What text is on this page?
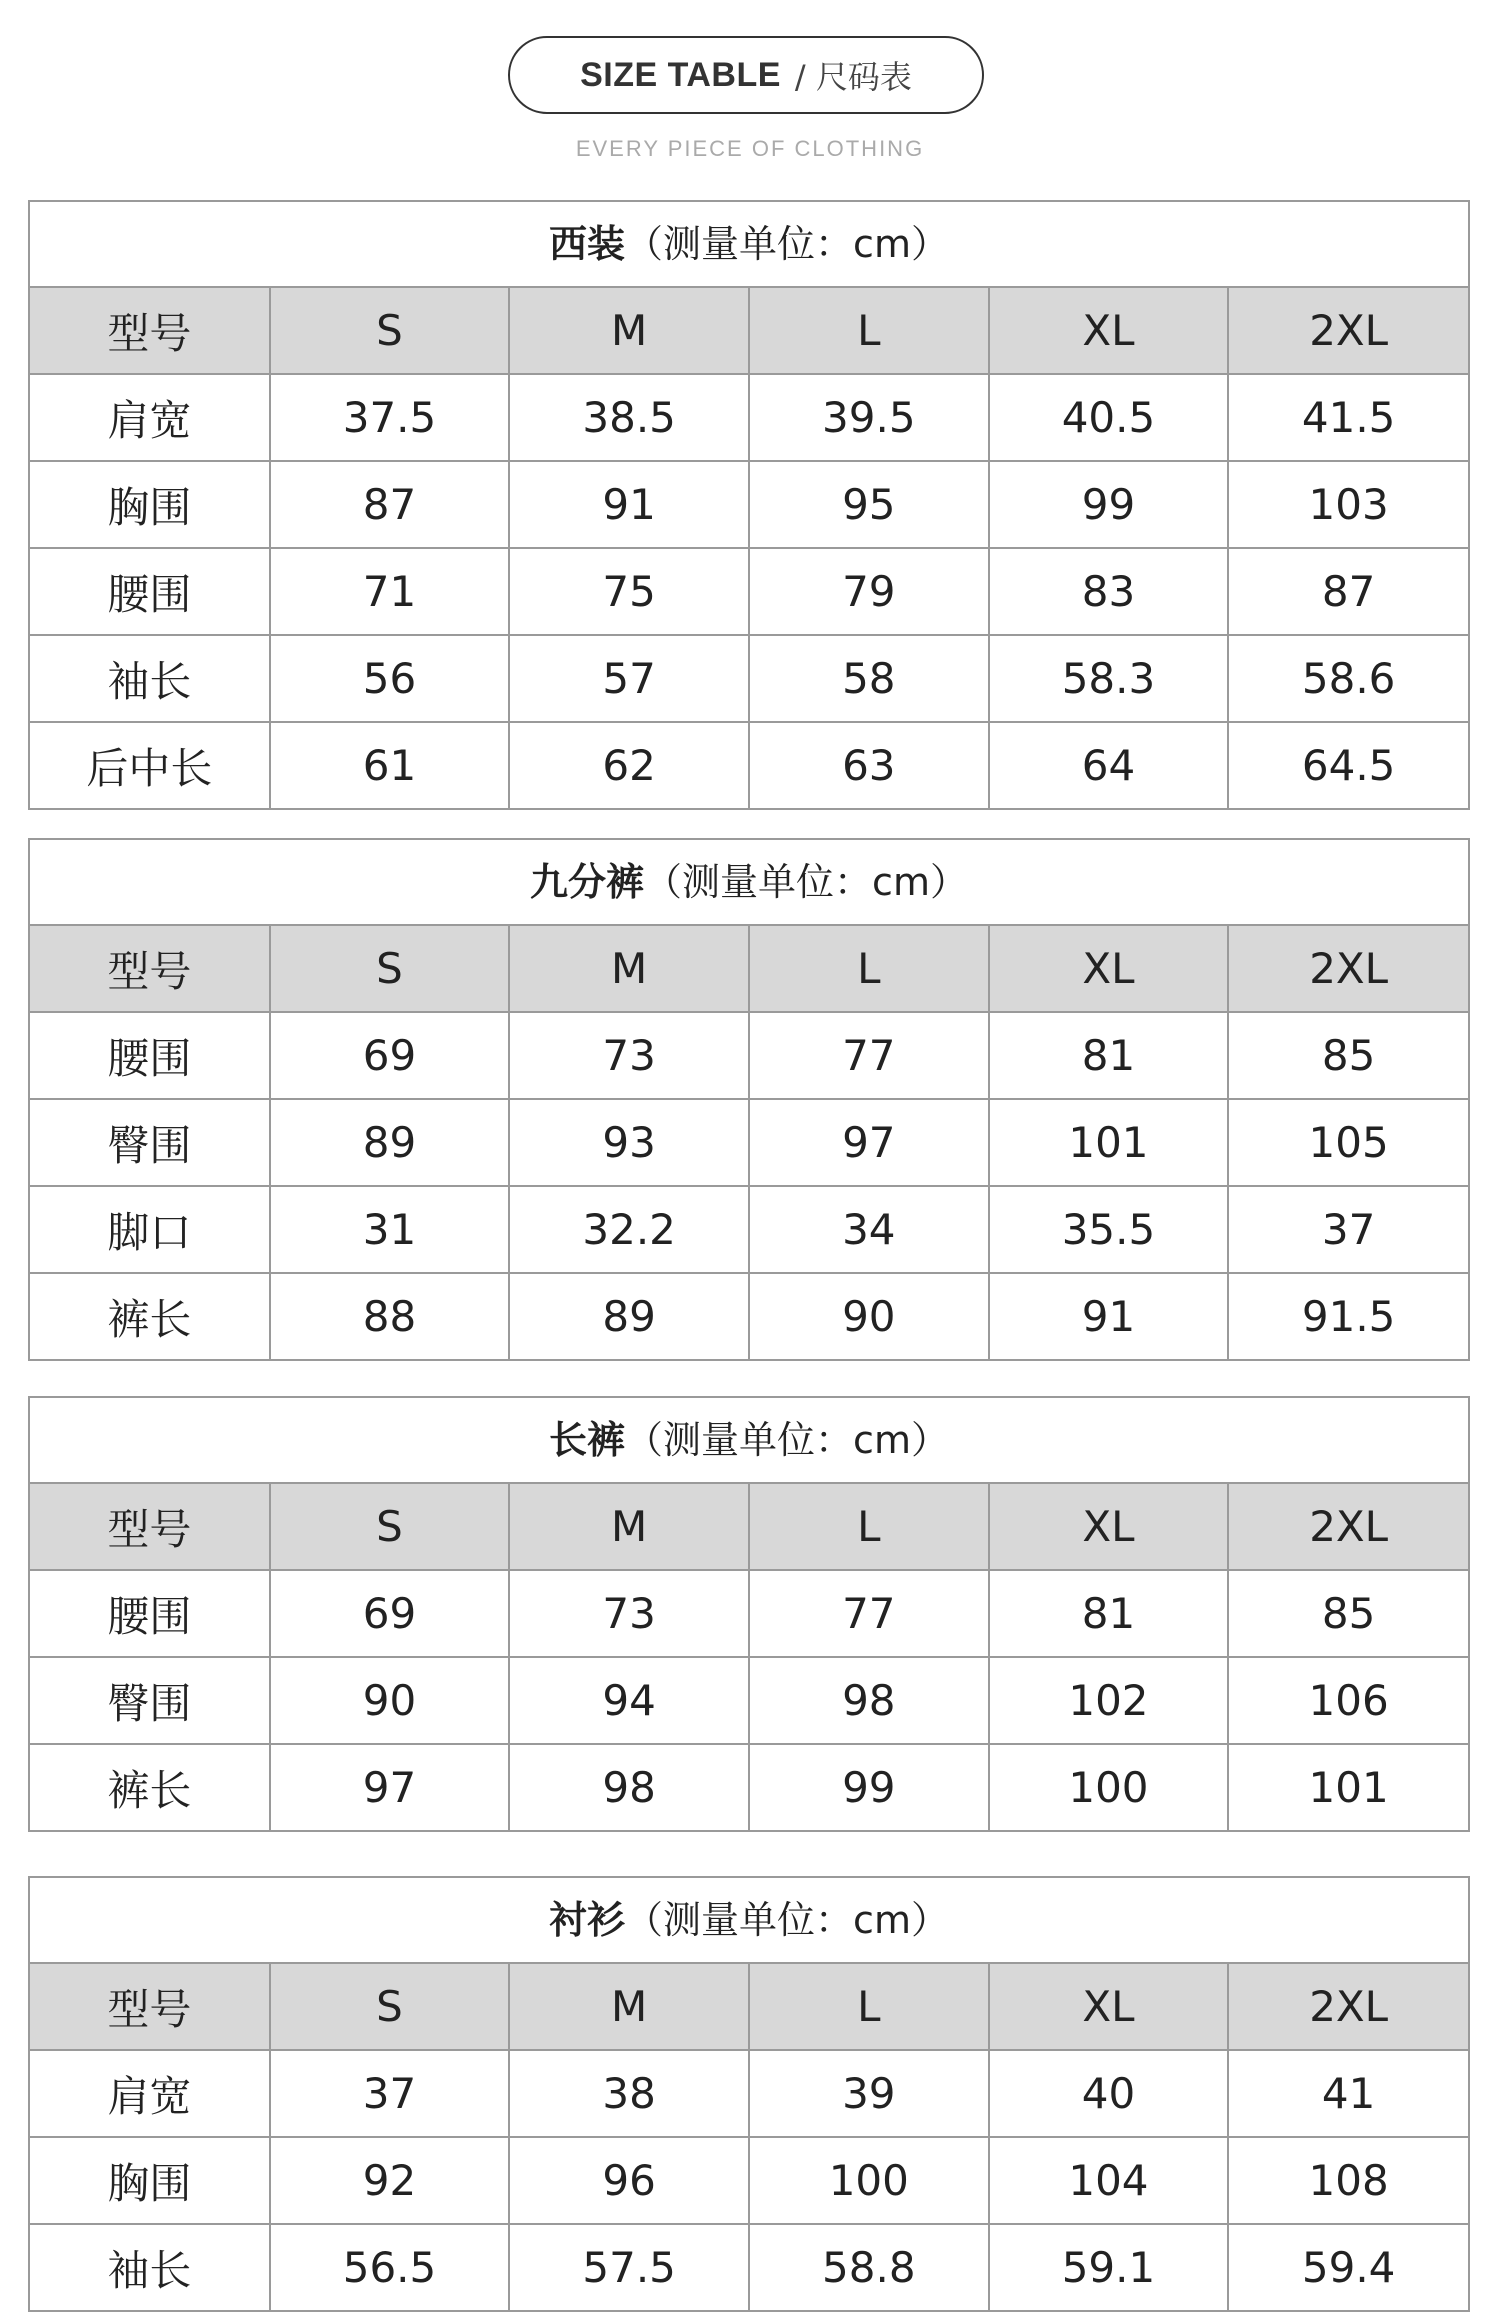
SIZE TABLE / 尺码表
EVERY PIECE OF CLOTHING
西装（测量单位：cm）
型号	S	M	L	XL	2XL
肩宽	37.5	38.5	39.5	40.5	41.5
胸围	87	91	95	99	103
腰围	71	75	79	83	87
袖长	56	57	58	58.3	58.6
后中长	61	62	63	64	64.5
九分裤（测量单位：cm）
型号	S	M	L	XL	2XL
腰围	69	73	77	81	85
臀围	89	93	97	101	105
脚口	31	32.2	34	35.5	37
裤长	88	89	90	91	91.5
长裤（测量单位：cm）
型号	S	M	L	XL	2XL
腰围	69	73	77	81	85
臀围	90	94	98	102	106
裤长	97	98	99	100	101
衬衫（测量单位：cm）
型号	S	M	L	XL	2XL
肩宽	37	38	39	40	41
胸围	92	96	100	104	108
袖长	56.5	57.5	58.8	59.1	59.4
